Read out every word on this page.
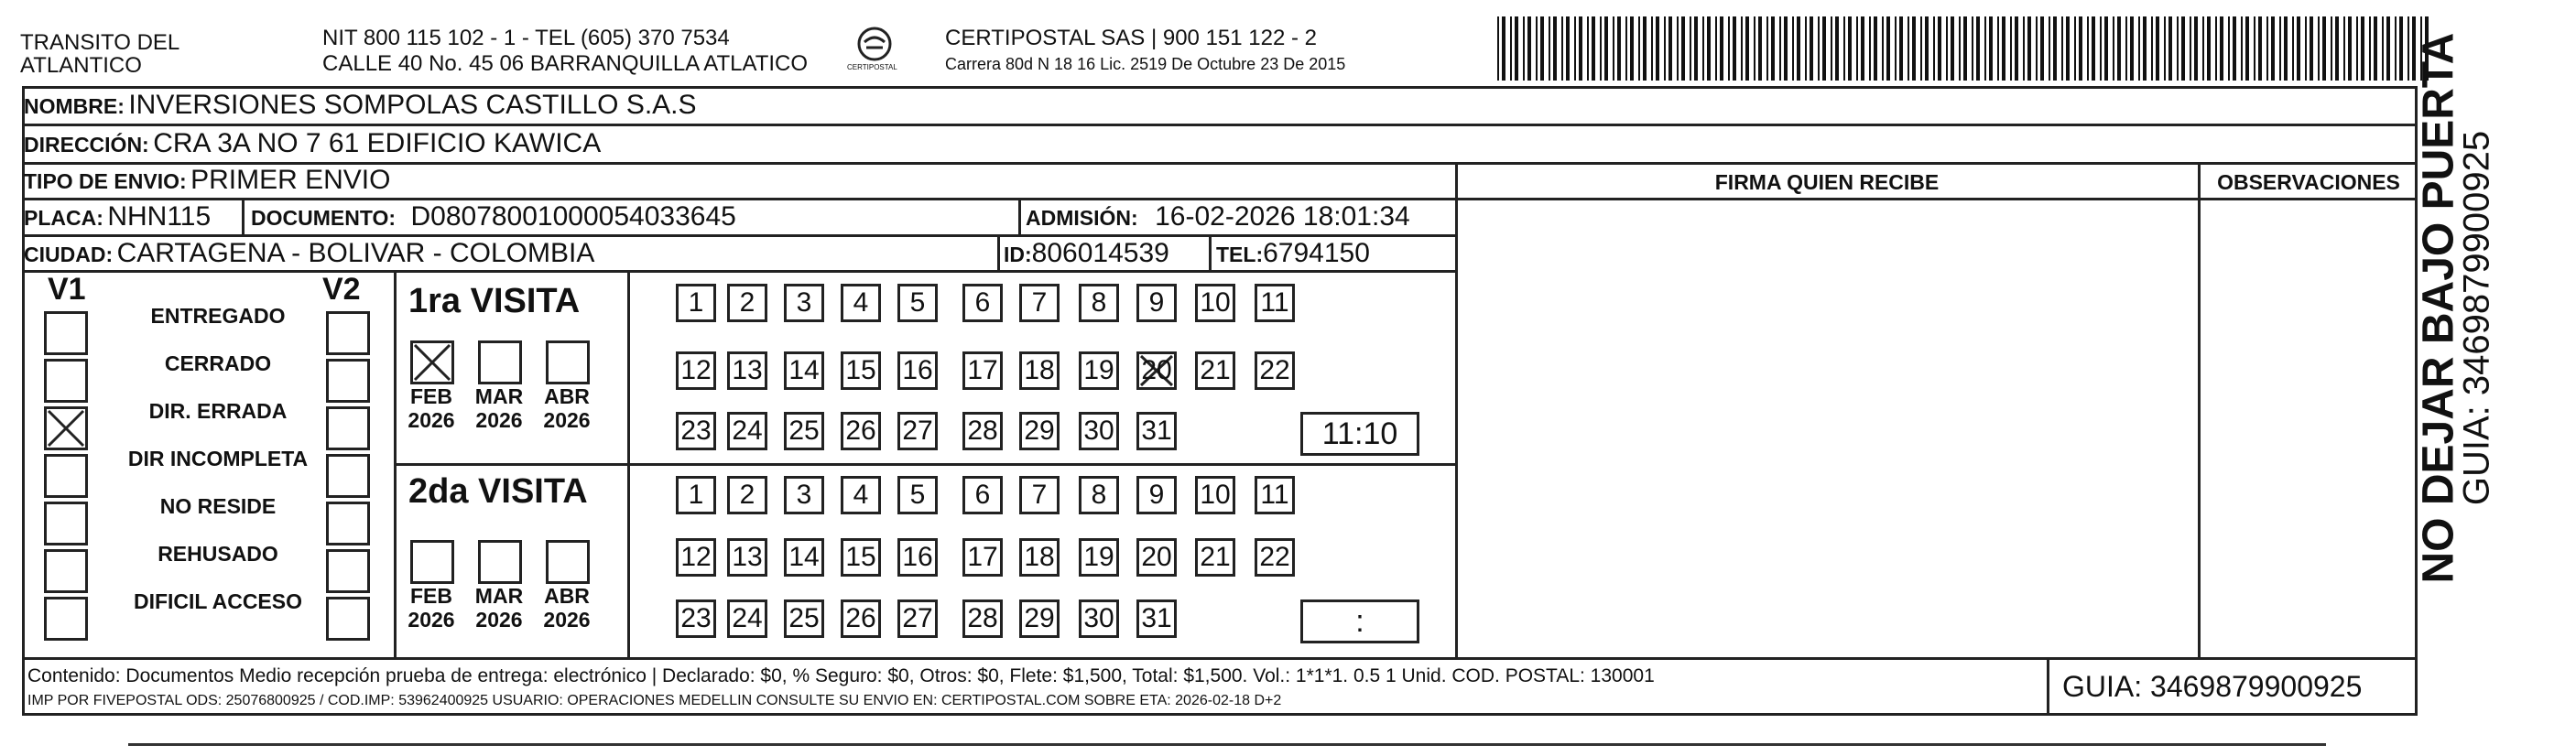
TRANSITO DEL
ATLANTICO
NIT 800 115 102 - 1 - TEL (605) 370 7534
CALLE 40 No. 45 06 BARRANQUILLA ATLATICO	CERTIPOSTAL
CERTIPOSTAL SAS | 900 151 122 - 2
Carrera 80d N 18 16 Lic. 2519 De Octubre 23 De 2015
NOMBRE: INVERSIONES SOMPOLAS CASTILLO S.A.S
DIRECCIÓN: CRA 3A NO 7 61 EDIFICIO KAWICA
TIPO DE ENVIO: PRIMER ENVIO	FIRMA QUIEN RECIBE	OBSERVACIONES
PLACA: NHN115 DOCUMENTO: D08078001000054033645	ADMISIÓN: 16-02-2026 18:01:34
CIUDAD: CARTAGENA - BOLIVAR - COLOMBIA	ID:806014539 TEL:6794150
V1	V2
ENTREGADO
CERRADO
DIR. ERRADA
DIR INCOMPLETA
NO RESIDE
REHUSADO
DIFICIL ACCESO
1ra VISITA
2da VISITA
FEB
2026
MAR
2026
ABR
2026
1 2 3 4 5 6 7 8 9 10 11
12 13 14 15 16 17 18 19 20 21 22
23 24 25 26 27 28 29 30 31	11:10
FEB
2026
MAR
2026
ABR
2026
1 2 3 4 5 6 7 8 9 10 11
12 13 14 15 16 17 18 19 20 21 22
23 24 25 26 27 28 29 30 31	:
Contenido: Documentos Medio recepción prueba de entrega: electrónico | Declarado: $0, % Seguro: $0, Otros: $0, Flete: $1,500, Total: $1,500. Vol.: 1*1*1. 0.5 1 Unid. COD. POSTAL: 130001
IMP POR FIVEPOSTAL ODS: 25076800925 / COD.IMP: 53962400925 USUARIO: OPERACIONES MEDELLIN CONSULTE SU ENVIO EN: CERTIPOSTAL.COM SOBRE ETA: 2026-02-18 D+2	GUIA: 3469879900925
NO DEJAR BAJO PUERTA
GUIA: 3469879900925
